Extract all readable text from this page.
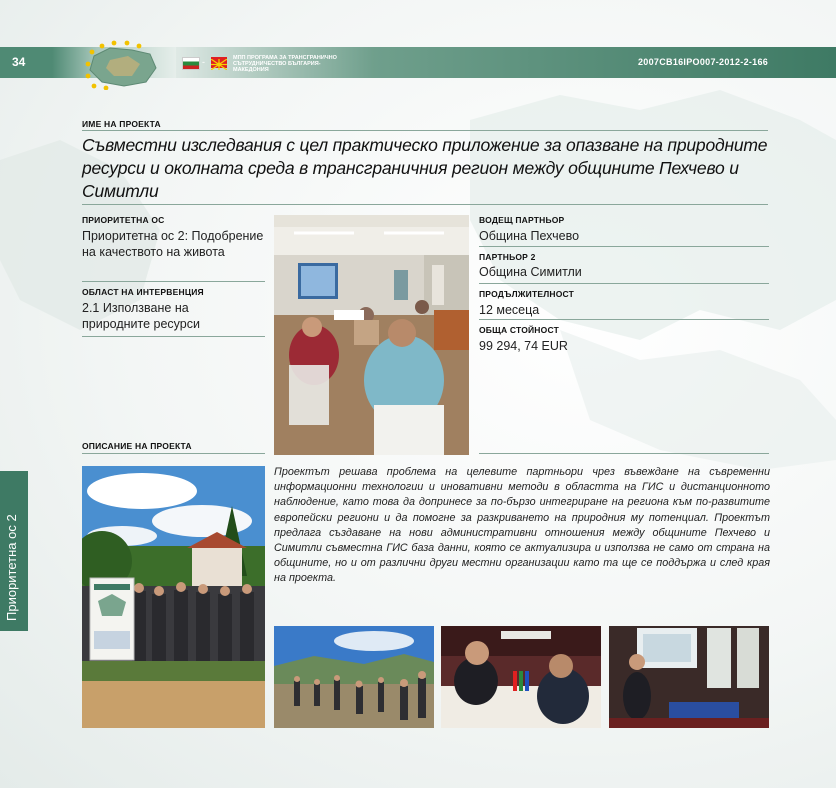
34	-	МПП ПРОГРАМА ЗА ТРАНСГРАНИЧНО
СЪТРУДНИЧЕСТВО БЪЛГАРИЯ-МАКЕДОНИЯ
2007CB16IPO007-2012-2-166
ИМЕ НА ПРОЕКТА
Съвместни изследвания с цел практическо приложение за опазване на природните ресурси и околната среда в трансграничния регион между общините Пехчево и Симитли
ПРИОРИТЕТНА ОС
Приоритетна ос 2: Подобрение на качеството на живота
ОБЛАСТ НА ИНТЕРВЕНЦИЯ
2.1 Използване на природните ресурси
ВОДЕЩ ПАРТНЬОР
Община Пехчево
ПАРТНЬОР 2
Община Симитли
ПРОДЪЛЖИТЕЛНОСТ
12 месеца
ОБЩА СТОЙНОСТ
99 294, 74 EUR
ОПИСАНИЕ НА ПРОЕКТА
Проектът решава проблема на целевите партньори чрез въвеждане на съвременни информационни технологии и иновативни методи в областта на ГИС и дистанционното наблюдение, като това да допринесе за по-бързо интегриране на региона към по-развитите европейски региони и да помогне за разкриването на природния му потенциал. Проектът предлага създаване на нови административни отношения между общините Пехчево и Симитли съвместна ГИС база данни, която се актуализира и използва не само от страна на общините, но и от различни други местни организации като та ще се поддържа и след края на проекта.
Приоритетна ос 2
